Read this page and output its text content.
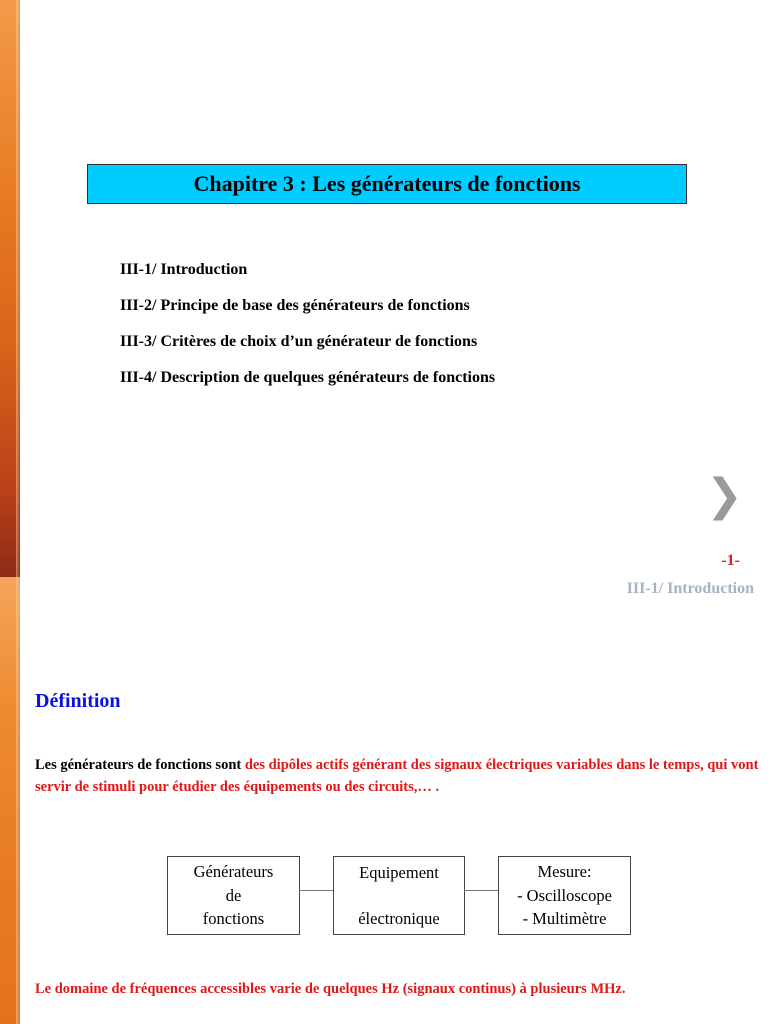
Chapitre 3 : Les générateurs de fonctions
III-1/ Introduction
III-2/ Principe de base des générateurs de fonctions
III-3/ Critères de choix d’un générateur de fonctions
III-4/ Description de quelques générateurs de fonctions
❯
-1-
III-1/ Introduction
Définition

Les générateurs de fonctions sont des dipôles actifs générant des signaux électriques variables dans le temps, qui vont servir de stimuli pour étudier des équipements ou des circuits,… .

Générateurs
de
fonctions
Equipement
électronique
Mesure:
- Oscilloscope
- Multimètre
Le domaine de fréquences accessibles varie de quelques Hz (signaux continus) à plusieurs MHz.
